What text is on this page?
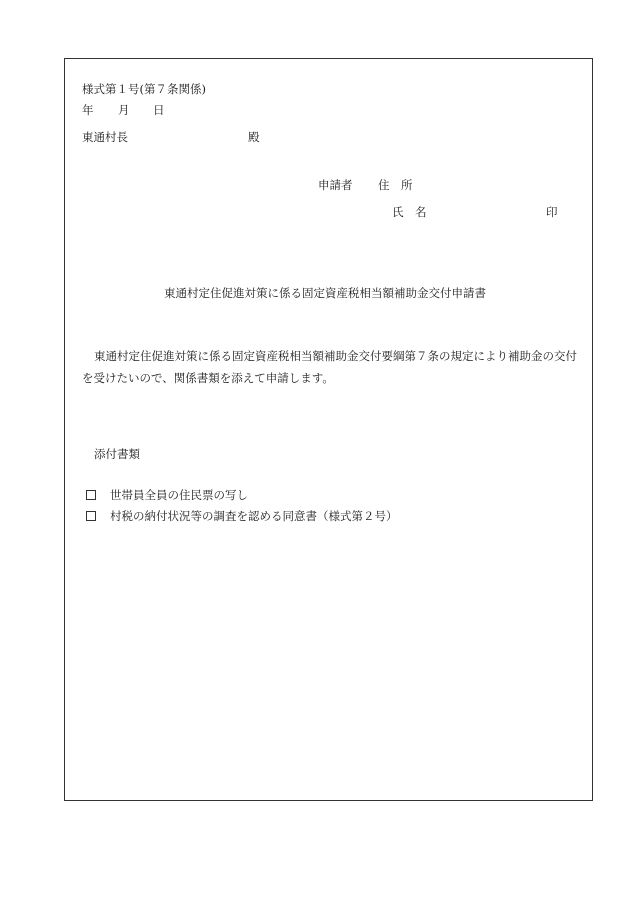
様式第１号(第７条関係)
年 月 日
東通村長	殿
申請者 住　所
氏　名	印
東通村定住促進対策に係る固定資産税相当額補助金交付申請書
東通村定住促進対策に係る固定資産税相当額補助金交付要綱第７条の規定により補助金の交付を受けたいので、関係書類を添えて申請します。
添付書類
世帯員全員の住民票の写し
村税の納付状況等の調査を認める同意書（様式第２号）
